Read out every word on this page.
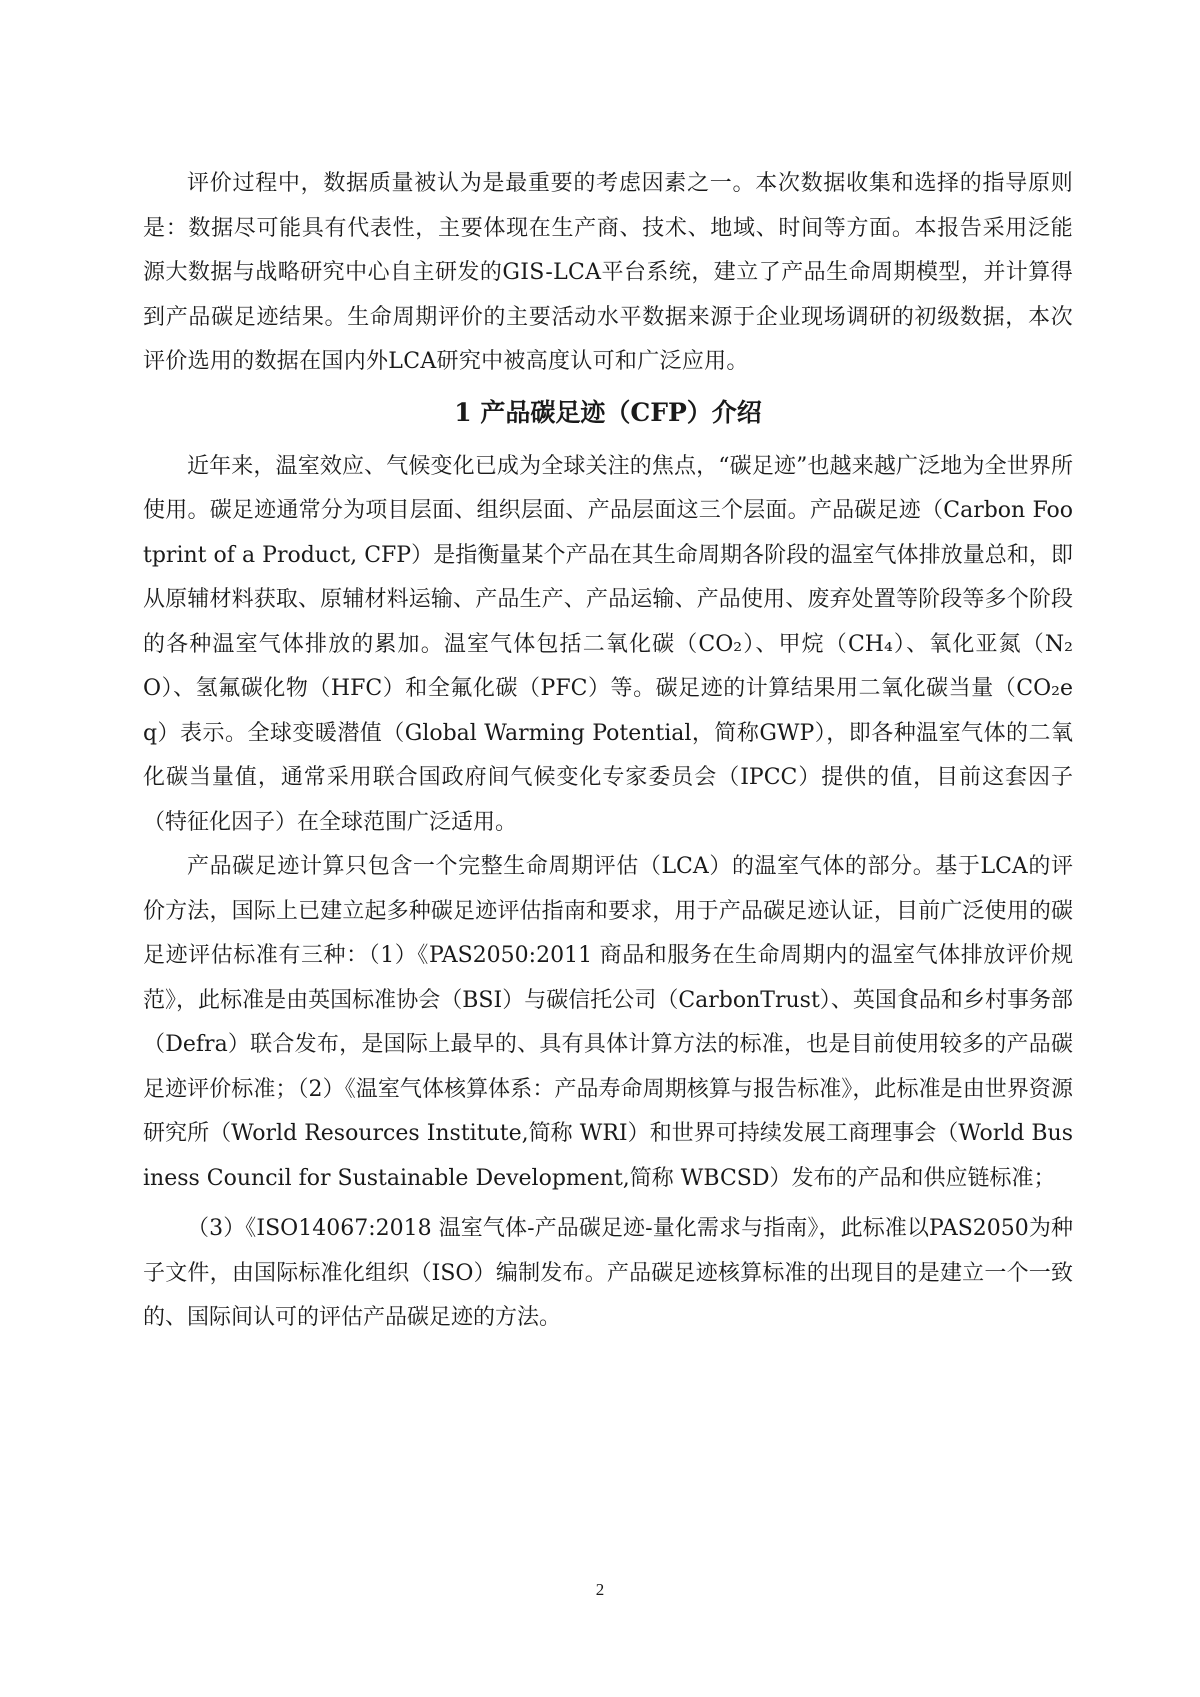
评价过程中，数据质量被认为是最重要的考虑因素之一。本次数据收集和选择的指导原则是：数据尽可能具有代表性，主要体现在生产商、技术、地域、时间等方面。本报告采用泛能源大数据与战略研究中心自主研发的GIS-LCA平台系统，建立了产品生命周期模型，并计算得到产品碳足迹结果。生命周期评价的主要活动水平数据来源于企业现场调研的初级数据，本次评价选用的数据在国内外LCA研究中被高度认可和广泛应用。

1 产品碳足迹（CFP）介绍

近年来，温室效应、气候变化已成为全球关注的焦点，“碳足迹”也越来越广泛地为全世界所使用。碳足迹通常分为项目层面、组织层面、产品层面这三个层面。产品碳足迹（Carbon Footprint of a Product, CFP）是指衡量某个产品在其生命周期各阶段的温室气体排放量总和，即从原辅材料获取、原辅材料运输、产品生产、产品运输、产品使用、废弃处置等阶段等多个阶段的各种温室气体排放的累加。温室气体包括二氧化碳（CO₂）、甲烷（CH₄）、氧化亚氮（N₂O）、氢氟碳化物（HFC）和全氟化碳（PFC）等。碳足迹的计算结果用二氧化碳当量（CO₂eq）表示。全球变暖潜值（Global Warming Potential，简称GWP），即各种温室气体的二氧化碳当量值，通常采用联合国政府间气候变化专家委员会（IPCC）提供的值，目前这套因子（特征化因子）在全球范围广泛适用。

产品碳足迹计算只包含一个完整生命周期评估（LCA）的温室气体的部分。基于LCA的评价方法，国际上已建立起多种碳足迹评估指南和要求，用于产品碳足迹认证，目前广泛使用的碳足迹评估标准有三种：（1）《PAS2050:2011 商品和服务在生命周期内的温室气体排放评价规范》，此标准是由英国标准协会（BSI）与碳信托公司（CarbonTrust）、英国食品和乡村事务部（Defra）联合发布，是国际上最早的、具有具体计算方法的标准，也是目前使用较多的产品碳足迹评价标准；（2）《温室气体核算体系：产品寿命周期核算与报告标准》，此标准是由世界资源研究所（World Resources Institute,简称 WRI）和世界可持续发展工商理事会（World Business Council for Sustainable Development,简称 WBCSD）发布的产品和供应链标准；

（3）《ISO14067:2018 温室气体-产品碳足迹-量化需求与指南》，此标准以PAS2050为种子文件，由国际标准化组织（ISO）编制发布。产品碳足迹核算标准的出现目的是建立一个一致的、国际间认可的评估产品碳足迹的方法。

2
